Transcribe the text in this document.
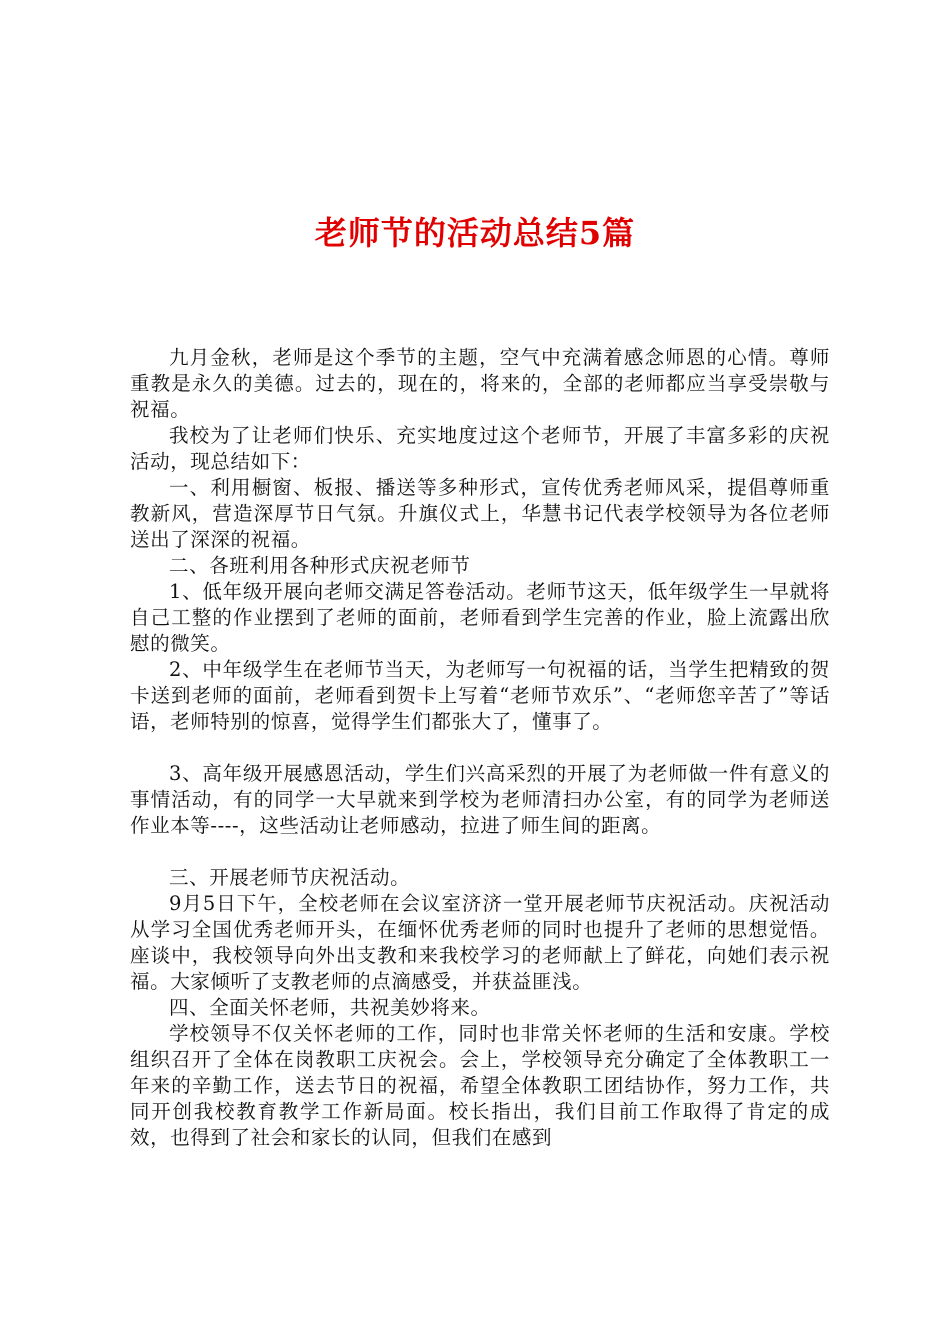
老师节的活动总结5篇

九月金秋，老师是这个季节的主题，空气中充满着感念师恩的心情。尊师重教是永久的美德。过去的，现在的，将来的，全部的老师都应当享受崇敬与祝福。

我校为了让老师们快乐、充实地度过这个老师节，开展了丰富多彩的庆祝活动，现总结如下：

一、利用橱窗、板报、播送等多种形式，宣传优秀老师风采，提倡尊师重教新风，营造深厚节日气氛。升旗仪式上，华慧书记代表学校领导为各位老师送出了深深的祝福。

二、各班利用各种形式庆祝老师节

1、低年级开展向老师交满足答卷活动。老师节这天，低年级学生一早就将自己工整的作业摆到了老师的面前，老师看到学生完善的作业，脸上流露出欣慰的微笑。

2、中年级学生在老师节当天，为老师写一句祝福的话，当学生把精致的贺卡送到老师的面前，老师看到贺卡上写着“老师节欢乐”、“老师您辛苦了”等话语，老师特别的惊喜，觉得学生们都张大了，懂事了。

3、高年级开展感恩活动，学生们兴高采烈的开展了为老师做一件有意义的事情活动，有的同学一大早就来到学校为老师清扫办公室，有的同学为老师送作业本等----，这些活动让老师感动，拉进了师生间的距离。

三、开展老师节庆祝活动。

9月5日下午，全校老师在会议室济济一堂开展老师节庆祝活动。庆祝活动从学习全国优秀老师开头，在缅怀优秀老师的同时也提升了老师的思想觉悟。座谈中，我校领导向外出支教和来我校学习的老师献上了鲜花，向她们表示祝福。大家倾听了支教老师的点滴感受，并获益匪浅。

四、全面关怀老师，共祝美妙将来。

学校领导不仅关怀老师的工作，同时也非常关怀老师的生活和安康。学校组织召开了全体在岗教职工庆祝会。会上，学校领导充分确定了全体教职工一年来的辛勤工作，送去节日的祝福，希望全体教职工团结协作，努力工作，共同开创我校教育教学工作新局面。校长指出，我们目前工作取得了肯定的成效，也得到了社会和家长的认同，但我们在感到
